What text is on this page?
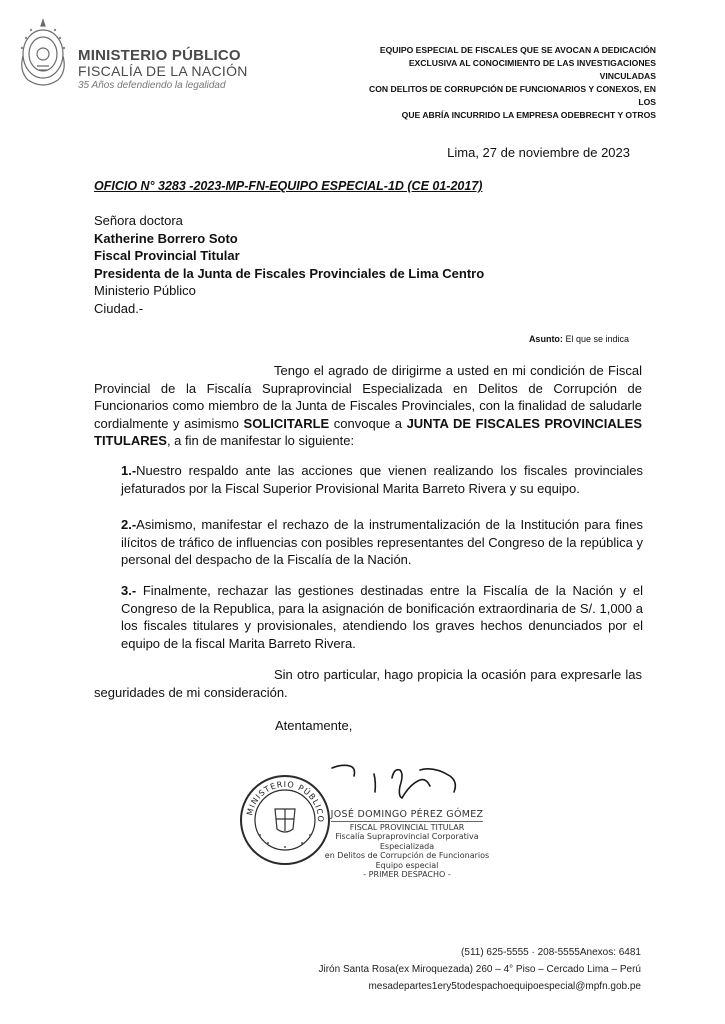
MINISTERIO PÚBLICO
FISCALÍA DE LA NACIÓN
35 Años defendiendo la legalidad
EQUIPO ESPECIAL DE FISCALES QUE SE AVOCAN A DEDICACIÓN
EXCLUSIVA AL CONOCIMIENTO DE LAS INVESTIGACIONES VINCULADAS
CON DELITOS DE CORRUPCIÓN DE FUNCIONARIOS Y CONEXOS, EN LOS
QUE ABRÍA INCURRIDO LA EMPRESA ODEBRECHT Y OTROS
Lima, 27 de noviembre de 2023
OFICIO N° 3283 -2023-MP-FN-EQUIPO ESPECIAL-1D (CE 01-2017)
Señora doctora
Katherine Borrero Soto
Fiscal Provincial Titular
Presidenta de la Junta de Fiscales Provinciales de Lima Centro
Ministerio Público
Ciudad.-
Asunto: El que se indica
Tengo el agrado de dirigirme a usted en mi condición de Fiscal Provincial de la Fiscalía Supraprovincial Especializada en Delitos de Corrupción de Funcionarios como miembro de la Junta de Fiscales Provinciales, con la finalidad de saludarle cordialmente y asimismo SOLICITARLE convoque a JUNTA DE FISCALES PROVINCIALES TITULARES, a fin de manifestar lo siguiente:
1.-Nuestro respaldo ante las acciones que vienen realizando los fiscales provinciales jefaturados por la Fiscal Superior Provisional Marita Barreto Rivera y su equipo.
2.-Asimismo, manifestar el rechazo de la instrumentalización de la Institución para fines ilícitos de tráfico de influencias con posibles representantes del Congreso de la república y personal del despacho de la Fiscalía de la Nación.
3.- Finalmente, rechazar las gestiones destinadas entre la Fiscalía de la Nación y el Congreso de la Republica, para la asignación de bonificación extraordinaria de S/. 1,000 a los fiscales titulares y provisionales, atendiendo los graves hechos denunciados por el equipo de la fiscal Marita Barreto Rivera.
Sin otro particular, hago propicia la ocasión para expresarle las seguridades de mi consideración.
Atentamente,
MINISTERIO PÚBLICO JOSÉ DOMINGO PÉREZ GÓMEZ
FISCAL PROVINCIAL TITULAR
Fiscalía Supraprovincial Corporativa Especializada
en Delitos de Corrupción de Funcionarios
Equipo especial
- PRIMER DESPACHO -
(511) 625-5555 · 208-5555Anexos: 6481
Jirón Santa Rosa(ex Miroquezada) 260 – 4° Piso – Cercado Lima – Perú
mesadepartes1ery5todespachoequipoespecial@mpfn.gob.pe
